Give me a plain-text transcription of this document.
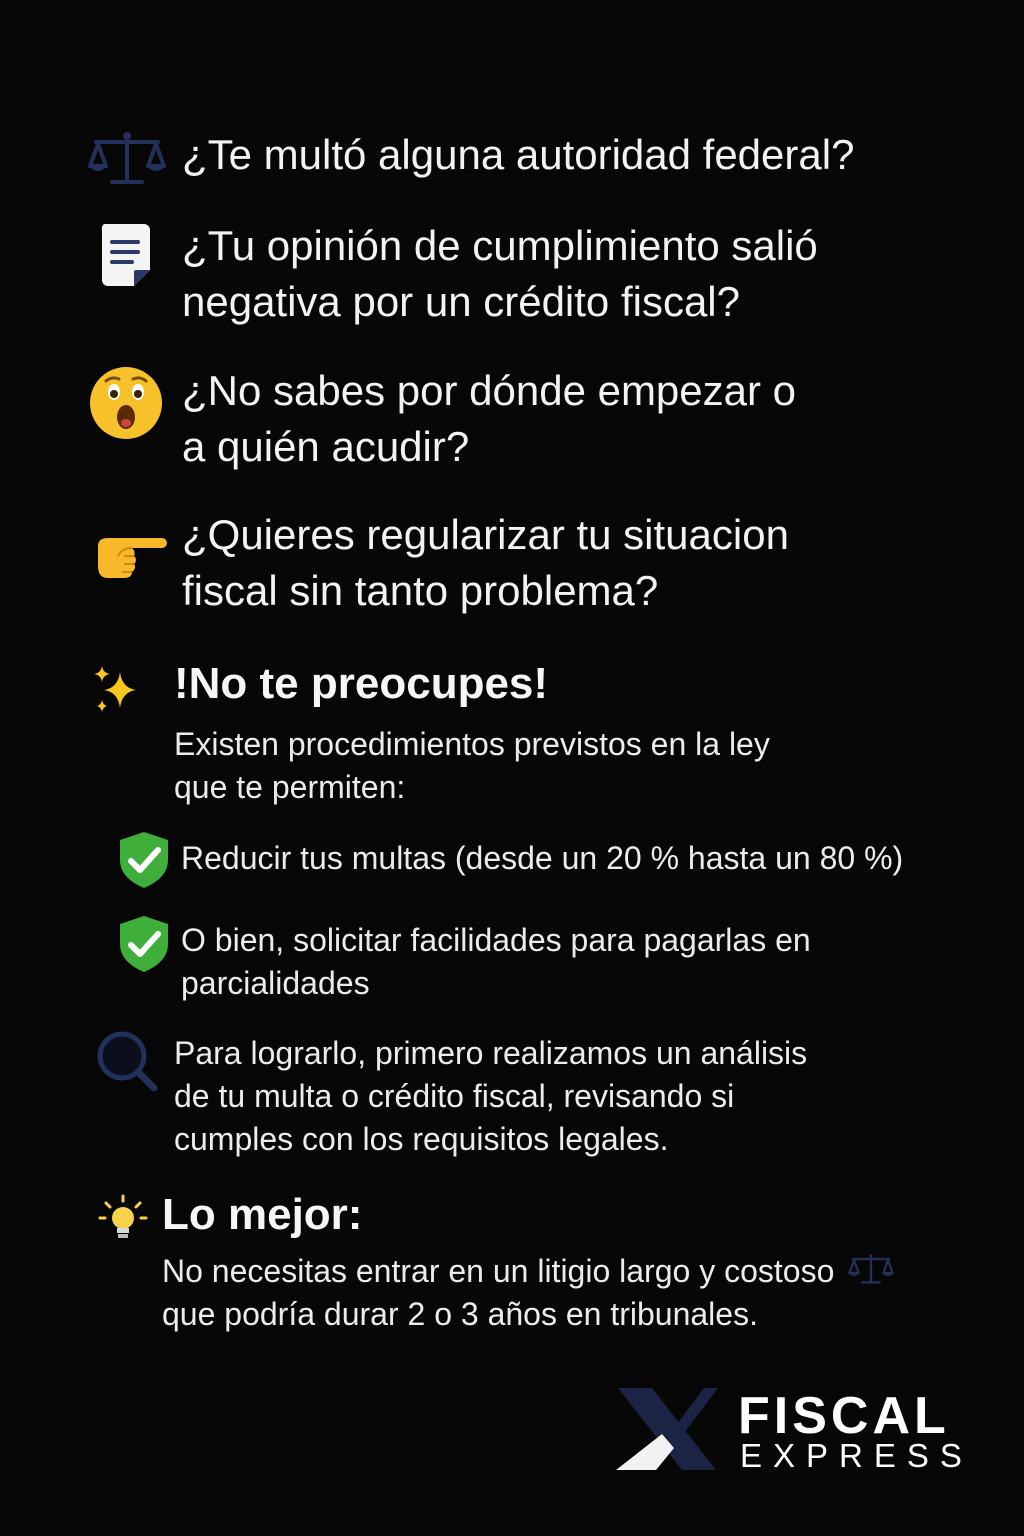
¿Te multó alguna autoridad federal?
¿Tu opinión de cumplimiento salió
negativa por un crédito fiscal?
¿No sabes por dónde empezar o
a quién acudir?
¿Quieres regularizar tu situacion
fiscal sin tanto problema?
!No te preocupes!
Existen procedimientos previstos en la ley
que te permiten:
Reducir tus multas (desde un 20 % hasta un 80 %)
O bien, solicitar facilidades para pagarlas en
parcialidades
Para lograrlo, primero realizamos un análisis
de tu multa o crédito fiscal, revisando si
cumples con los requisitos legales.
Lo mejor:
No necesitas entrar en un litigio largo y costoso
que podría durar 2 o 3 años en tribunales.
FISCAL
EXPRESS
